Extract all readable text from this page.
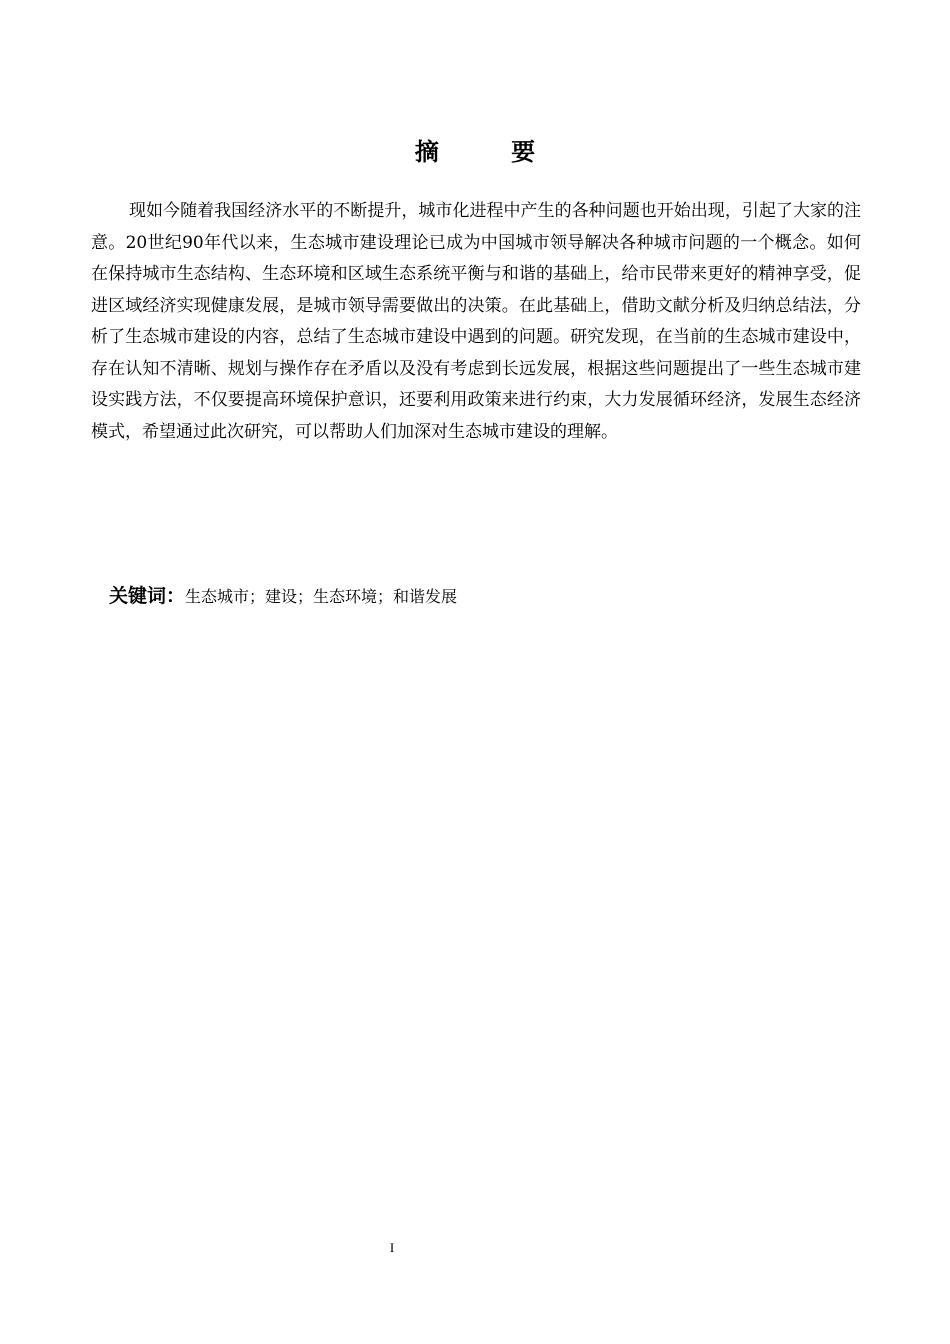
摘 要

现如今随着我国经济水平的不断提升，城市化进程中产生的各种问题也开始出现，引起了大家的注意。20世纪90年代以来，生态城市建设理论已成为中国城市领导解决各种城市问题的一个概念。如何在保持城市生态结构、生态环境和区域生态系统平衡与和谐的基础上，给市民带来更好的精神享受，促进区域经济实现健康发展，是城市领导需要做出的决策。在此基础上，借助文献分析及归纳总结法，分析了生态城市建设的内容，总结了生态城市建设中遇到的问题。研究发现，在当前的生态城市建设中，存在认知不清晰、规划与操作存在矛盾以及没有考虑到长远发展，根据这些问题提出了一些生态城市建设实践方法，不仅要提高环境保护意识，还要利用政策来进行约束，大力发展循环经济，发展生态经济模式，希望通过此次研究，可以帮助人们加深对生态城市建设的理解。

关键词：生态城市；建设；生态环境；和谐发展
I
